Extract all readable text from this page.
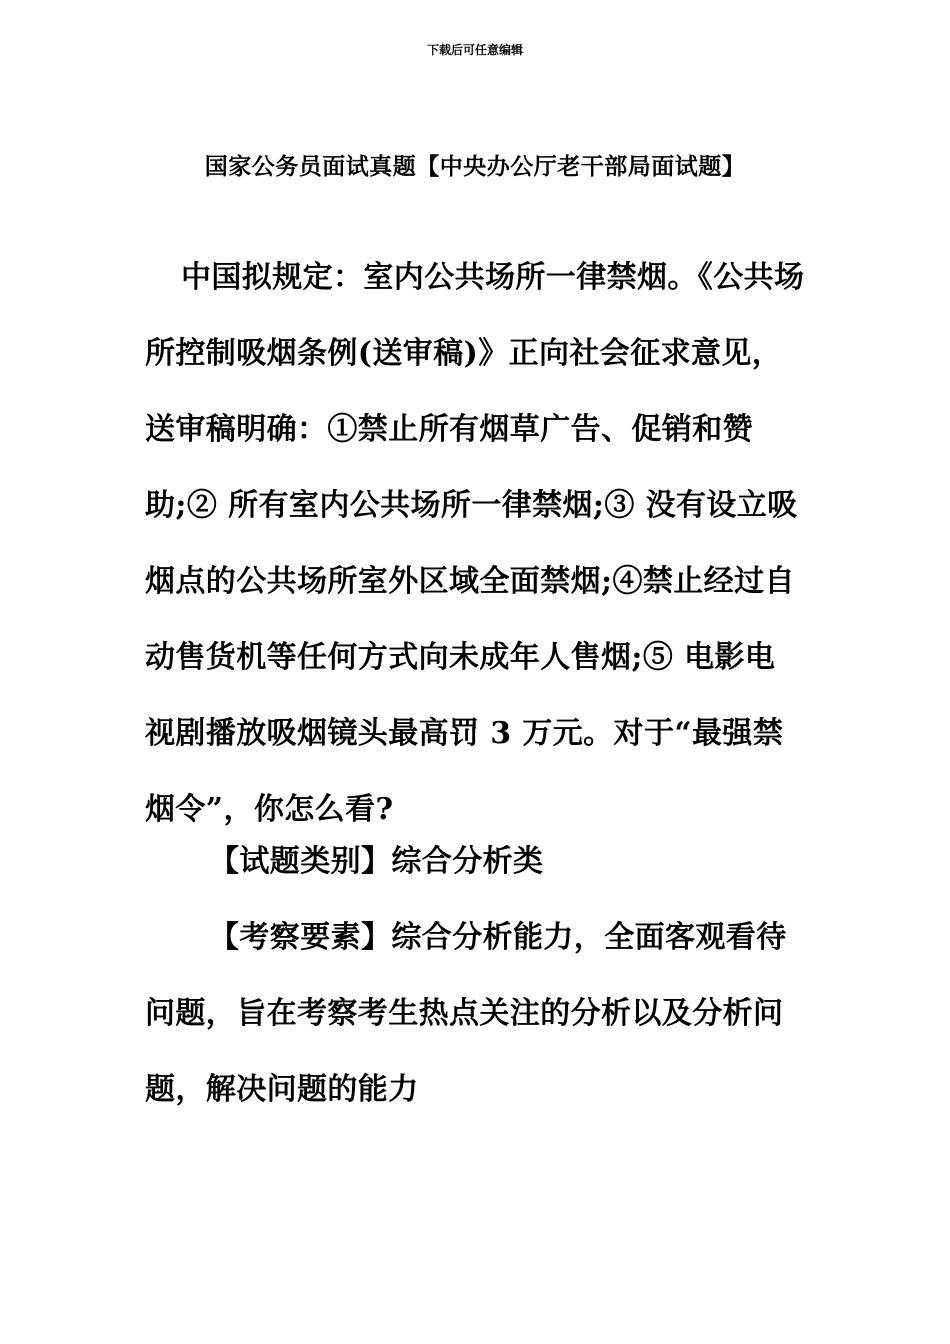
下载后可任意编辑
国家公务员面试真题【中央办公厅老干部局面试题】

中国拟规定：室内公共场所一律禁烟。《公共场所控制吸烟条例(送审稿)》正向社会征求意见，送审稿明确：①禁止所有烟草广告、促销和赞助;② 所有室内公共场所一律禁烟;③ 没有设立吸烟点的公共场所室外区域全面禁烟;④禁止经过自动售货机等任何方式向未成年人售烟;⑤ 电影电视剧播放吸烟镜头最高罚 3 万元。对于“最强禁烟令”，你怎么看?

【试题类别】综合分析类

【考察要素】综合分析能力，全面客观看待问题，旨在考察考生热点关注的分析以及分析问题，解决问题的能力
